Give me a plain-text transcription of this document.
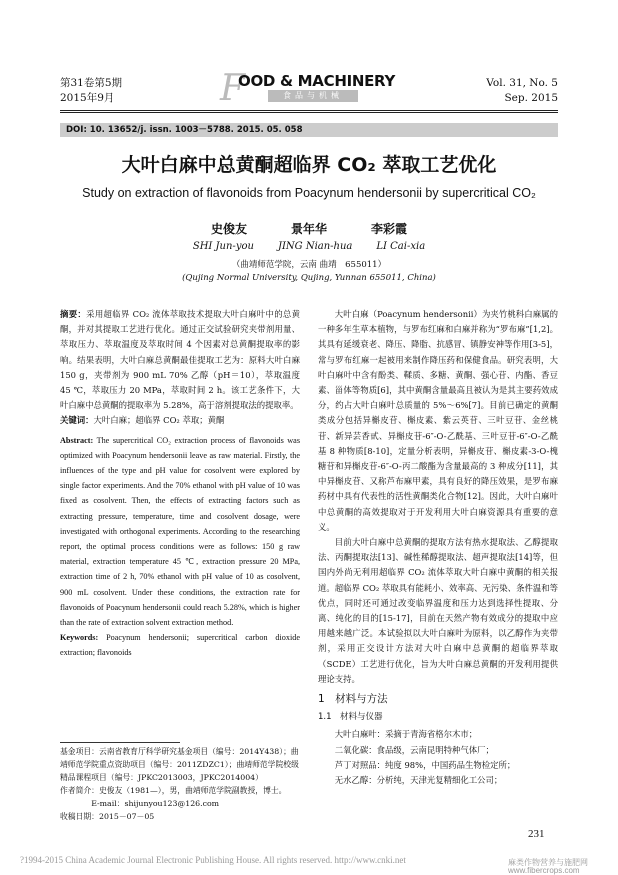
第31卷第5期
2015年9月	F
OOD & MACHINERY
食品与机械
Vol. 31, No. 5
Sep. 2015
DOI: 10. 13652/j. issn. 1003－5788. 2015. 05. 058
大叶白麻中总黄酮超临界 CO₂ 萃取工艺优化
Study on extraction of flavonoids from Poacynum hendersonii by supercritical CO₂
史俊友	景年华	李彩霞
SHI Jun-you JING Nian-hua LI Cai-xia
（曲靖师范学院，云南 曲靖　655011）
(Qujing Normal University, Qujing, Yunnan 655011, China)

摘要：采用超临界 CO₂ 流体萃取技术提取大叶白麻叶中的总黄酮，并对其提取工艺进行优化。通过正交试验研究夹带剂用量、萃取压力、萃取温度及萃取时间 4 个因素对总黄酮提取率的影响。结果表明，大叶白麻总黄酮最佳提取工艺为：原料大叶白麻 150 g，夹带剂为 900 mL 70% 乙醇（pH＝10），萃取温度 45 ℃，萃取压力 20 MPa，萃取时间 2 h。该工艺条件下，大叶白麻中总黄酮的提取率为 5.28%，高于溶剂提取法的提取率。

关键词：大叶白麻；超临界 CO₂ 萃取；黄酮

Abstract: The supercritical CO₂ extraction process of flavonoids was optimized with Poacynum hendersonii leave as raw material. Firstly, the influences of the type and pH value for cosolvent were explored by single factor experiments. And the 70% ethanol with pH value of 10 was fixed as cosolvent. Then, the effects of extracting factors such as extracting pressure, temperature, time and cosolvent dosage, were investigated with orthogonal experiments. According to the researching report, the optimal process conditions were as follows: 150 g raw material, extraction temperature 45 ℃, extraction pressure 20 MPa, extraction time of 2 h, 70% ethanol with pH value of 10 as cosolvent, 900 mL cosolvent. Under these conditions, the extraction rate for flavonoids of Poacynum hendersonii could reach 5.28%, which is higher than the rate of extraction solvent extraction method.

Keywords: Poacynum hendersonii; supercritical carbon dioxide extraction; flavonoids

大叶白麻（Poacynum hendersonii）为夹竹桃科白麻属的一种多年生草本植物，与罗布红麻和白麻并称为“罗布麻”[1,2]。其具有延缓衰老、降压、降脂、抗感冒、镇静安神等作用[3-5]，常与罗布红麻一起被用来制作降压药和保健食品。研究表明，大叶白麻叶中含有酚类、鞣质、多糖、黄酮、强心苷、内酯、香豆素、甾体等物质[6]，其中黄酮含量最高且被认为是其主要药效成分，约占大叶白麻叶总质量的 5%～6%[7]。目前已确定的黄酮类成分包括异槲皮苷、槲皮素、紫云英苷、三叶豆苷、金丝桃苷、新异芸香甙、异槲皮苷-6″-O-乙酰基、三叶豆苷-6″-O-乙酰基 8 种物质[8-10]，定量分析表明，异槲皮苷、槲皮素-3-O-槐糖苷和异槲皮苷-6″-O-丙二酸酯为含量最高的 3 种成分[11]，其中异槲皮苷、又称芦布麻甲素，具有良好的降压效果，是罗布麻药材中具有代表性的活性黄酮类化合物[12]。因此，大叶白麻叶中总黄酮的高效提取对于开发利用大叶白麻资源具有重要的意义。

目前大叶白麻中总黄酮的提取方法有热水提取法、乙醇提取法、丙酮提取法[13]、碱性稀醇提取法、超声提取法[14]等，但国内外尚无利用超临界 CO₂ 流体萃取大叶白麻中黄酮的相关报道。超临界 CO₂ 萃取具有能耗小、效率高、无污染、条件温和等优点，同时还可通过改变临界温度和压力达到选择性提取、分离、纯化的目的[15-17]，目前在天然产物有效成分的提取中应用越来越广泛。本试验拟以大叶白麻叶为原料，以乙醇作为夹带剂，采用正交设计方法对大叶白麻中总黄酮的超临界萃取（SCDE）工艺进行优化，旨为大叶白麻总黄酮的开发利用提供理论支持。

1　材料与方法
1.1　材料与仪器

大叶白麻叶：采摘于青海省格尔木市；

二氧化碳：食品级，云南昆明特种气体厂；

芦丁对照品：纯度 98%，中国药品生物检定所；

无水乙醇：分析纯，天津光复精细化工公司；

基金项目：云南省教育厅科学研究基金项目（编号：2014Y438）；曲靖师范学院重点资助项目（编号：2011ZDZC1）；曲靖师范学院校级精品课程项目（编号：JPKC2013003，JPKC2014004）
作者简介：史俊友（1981—），男，曲靖师范学院副教授，博士。
E-mail：shijunyou123@126.com
收稿日期：2015－07－05
231
?1994-2015 China Academic Journal Electronic Publishing House. All rights reserved. http://www.cnki.net	麻类作物营养与施肥网
www.fibercrops.com
